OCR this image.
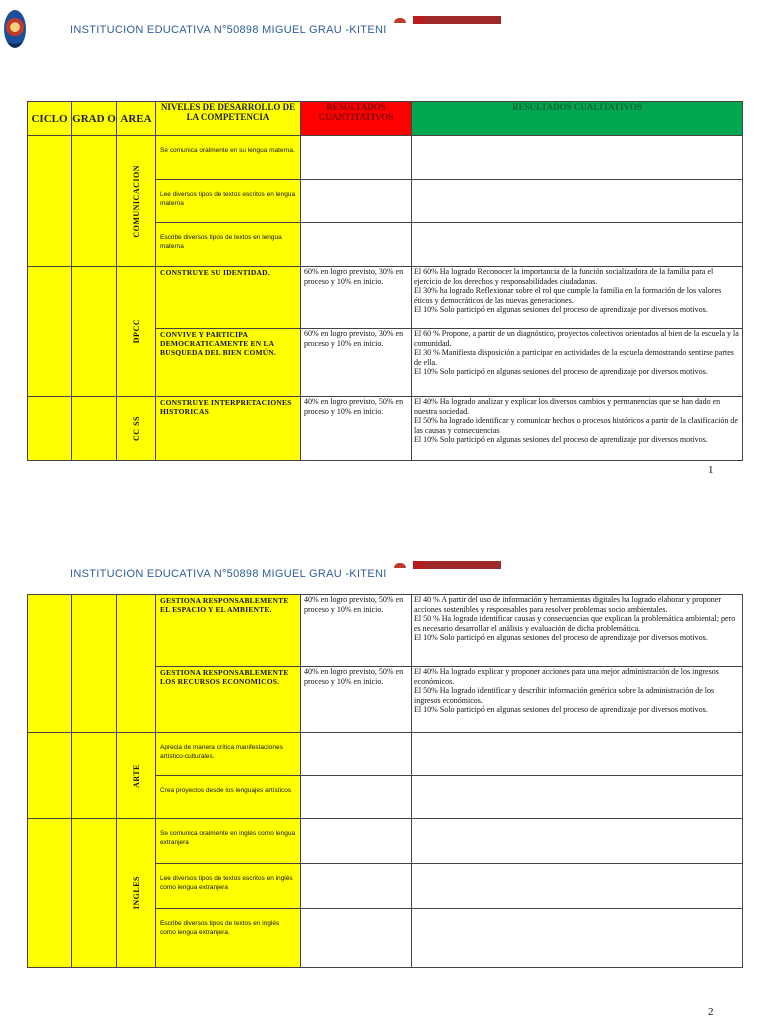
INSTITUCION EDUCATIVA N°50898 MIGUEL GRAU -KITENI
CICLO	GRAD O	AREA	NIVELES DE DESARROLLO DE LA COMPETENCIA	RESULTADOS CUANTITATIVOS	RESULTADOS CUALITATIVOS

		COMUNICACION	Se comunica oralmente en su lengua materna.		
			Lee diversos tipos de textos escritos en lengua materna		
			Escribe diversos tipos de textos en lengua materna		

		DPCC	CONSTRUYE SU IDENTIDAD.	60% en logro previsto, 30% en proceso y 10% en inicio.	El 60% Ha logrado Reconocer la importancia de la función socializadora de la familia para el ejercicio de los derechos y responsabilidades ciudadanas.

El 30% ha logrado Reflexionar sobre el rol que cumple la familia en la formación de los valores éticos y democráticos de las nuevas generaciones.

El 10% Solo participó en algunas sesiones del proceso de aprendizaje por diversos motivos.

			CONVIVE Y PARTICIPA DEMOCRATICAMENTE EN LA BUSQUEDA DEL BIEN COMÚN.	60% en logro previsto, 30% en proceso y 10% en inicio.	El 60 % Propone, a partir de un diagnóstico, proyectos colectivos orientados al bien de la escuela y la comunidad.

El 30 % Manifiesta disposición a participar en actividades de la escuela demostrando sentirse partes de ella.

El 10% Solo participó en algunas sesiones del proceso de aprendizaje por diversos motivos.

		CC SS	CONSTRUYE INTERPRETACIONES HISTORICAS	40% en logro previsto, 50% en proceso y 10% en inicio.	El 40% Ha logrado analizar y explicar los diversos cambios y permanencias que se han dado en nuestra sociedad.

El 50% ha logrado identificar y comunicar hechos o procesos históricos a partir de la clasificación de las causas y consecuencias

El 10% Solo participó en algunas sesiones del proceso de aprendizaje por diversos motivos.

1
INSTITUCION EDUCATIVA N°50898 MIGUEL GRAU -KITENI
			GESTIONA RESPONSABLEMENTE EL ESPACIO Y EL AMBIENTE.	40% en logro previsto, 50% en proceso y 10% en inicio.	El 40 % A partir del uso de información y herramientas digitales ha logrado elaborar y proponer acciones sostenibles y responsables para resolver problemas socio ambientales.

El 50 % Ha logrado identificar causas y consecuencias que explican la problemática ambiental; pero es necesario desarrollar el análisis y evaluación de dicha problemática.

El 10% Solo participó en algunas sesiones del proceso de aprendizaje por diversos motivos.

			GESTIONA RESPONSABLEMENTE LOS RECURSOS ECONOMICOS.	40% en logro previsto, 50% en proceso y 10% en inicio.	El 40% Ha logrado explicar y proponer acciones para una mejor administración de los ingresos económicos.

El 50% Ha logrado identificar y describir información genérica sobre la administración de los ingresos económicos.

El 10% Solo participó en algunas sesiones del proceso de aprendizaje por diversos motivos.

		ARTE	Aprecia de manera crítica manifestaciones artístico-culturales.		
			Crea proyectos desde los lenguajes artísticos		

		INGLES	Se comunica oralmente en inglés como lengua extranjera		
			Lee diversos tipos de textos escritos en inglés como lengua extranjera		
			Escribe diversos tipos de textos en inglés como lengua extranjera.		
2
